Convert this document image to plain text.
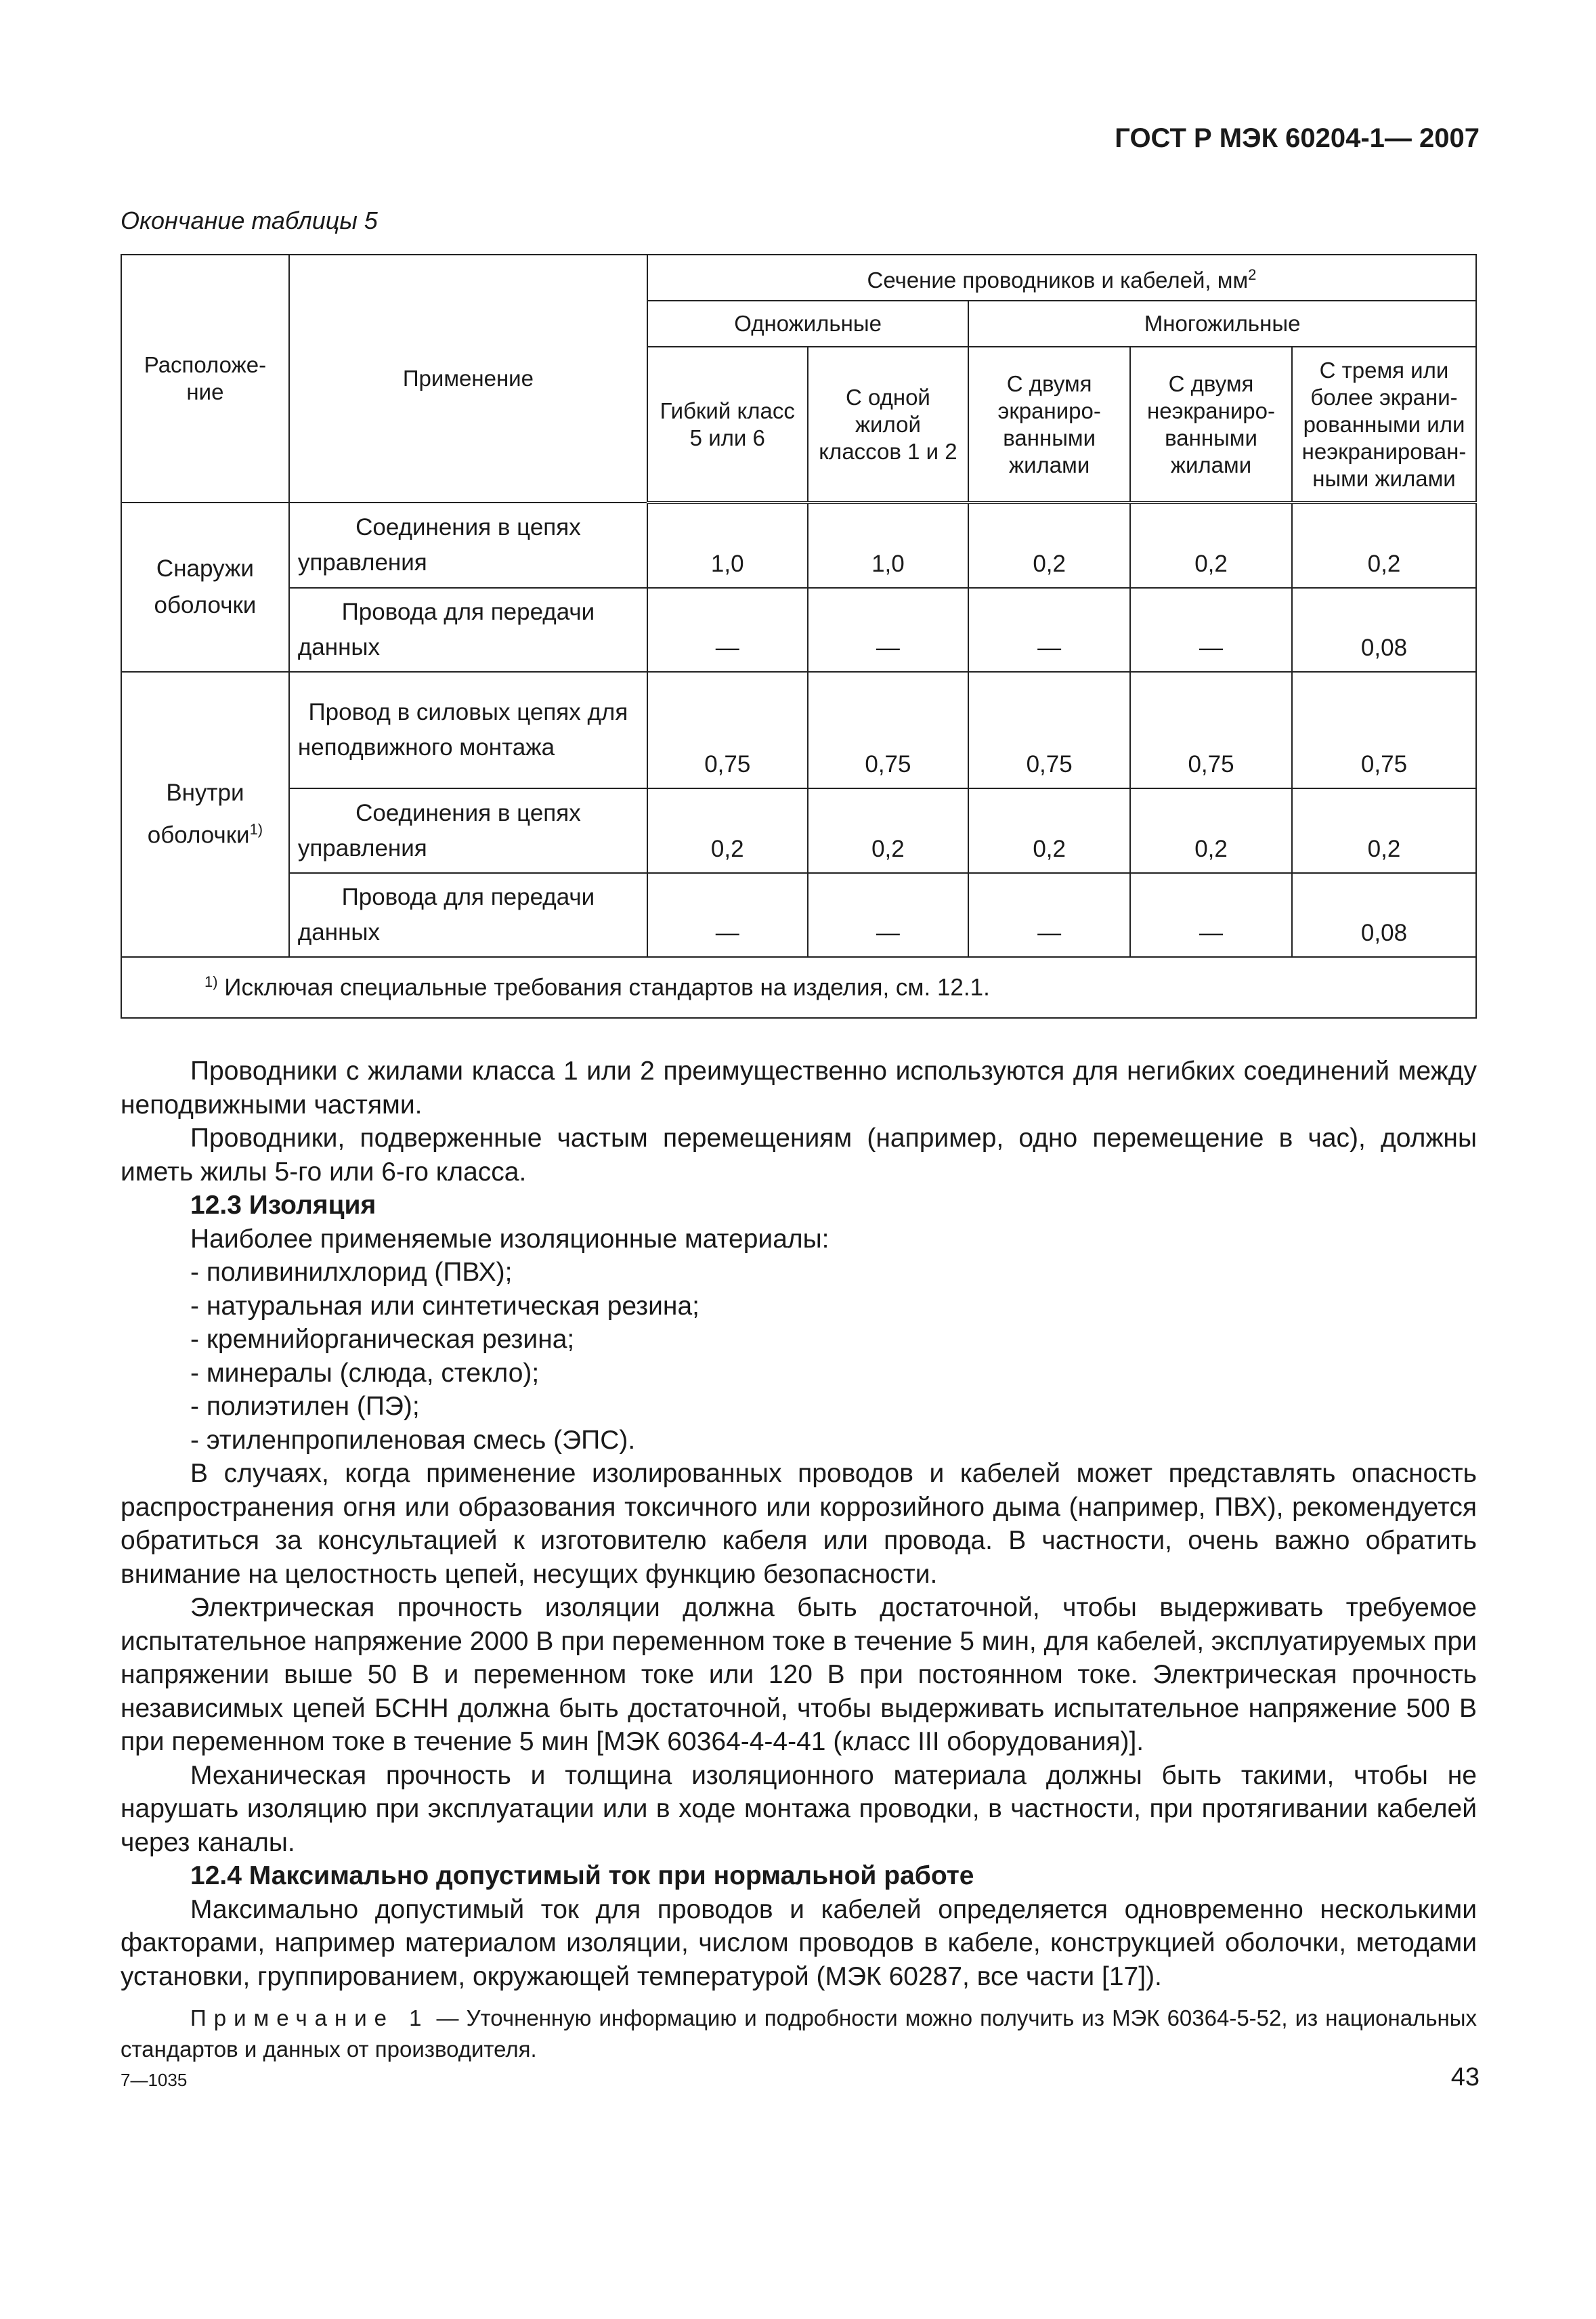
ГОСТ Р МЭК 60204-1— 2007
Окончание таблицы 5
Расположе-ние	Применение	Сечение проводников и кабелей, $мм^2$
		Одножильные		Многожильные		
		Гибкий класс 5 или 6	С одной жилой классов 1 и 2	С двумя экраниро-ванными жилами	С двумя неэкраниро-ванными жилами	С тремя или более экрани-рованными или неэкранирован-ными жилами
Снаружи оболочки	Соединения в цепях управления	1,0	1,0	0,2	0,2	0,2
	Провода для передачи данных	—	—	—	—	0,08
Внутри оболочки$^{1)}$	Провод в силовых цепях для неподвижного монтажа	0,75	0,75	0,75	0,75	0,75
	Соединения в цепях управления	0,2	0,2	0,2	0,2	0,2
	Провода для передачи данных	—	—	—	—	0,08
$^{1)}$ Исключая специальные требования стандартов на изделия, см. 12.1.						

Проводники с жилами класса 1 или 2 преимущественно используются для негибких соединений между неподвижными частями.

Проводники, подверженные частым перемещениям (например, одно перемещение в час), должны иметь жилы 5-го или 6-го класса.

12.3 Изоляция

Наиболее применяемые изоляционные материалы:

- поливинилхлорид (ПВХ);

- натуральная или синтетическая резина;

- кремнийорганическая резина;

- минералы (слюда, стекло);

- полиэтилен (ПЭ);

- этиленпропиленовая смесь (ЭПС).

В случаях, когда применение изолированных проводов и кабелей может представлять опасность распространения огня или образования токсичного или коррозийного дыма (например, ПВХ), рекомендуется обратиться за консультацией к изготовителю кабеля или провода. В частности, очень важно обратить внимание на целостность цепей, несущих функцию безопасности.

Электрическая прочность изоляции должна быть достаточной, чтобы выдерживать требуемое испытательное напряжение 2000 В при переменном токе в течение 5 мин, для кабелей, эксплуатируемых при напряжении выше 50 В и переменном токе или 120 В при постоянном токе. Электрическая прочность независимых цепей БСНН должна быть достаточной, чтобы выдерживать испытательное напряжение 500 В при переменном токе в течение 5 мин [МЭК 60364-4-4-41 (класс III оборудования)].

Механическая прочность и толщина изоляционного материала должны быть такими, чтобы не нарушать изоляцию при эксплуатации или в ходе монтажа проводки, в частности, при протягивании кабелей через каналы.

12.4 Максимально допустимый ток при нормальной работе

Максимально допустимый ток для проводов и кабелей определяется одновременно несколькими факторами, например материалом изоляции, числом проводов в кабеле, конструкцией оболочки, методами установки, группированием, окружающей температурой (МЭК 60287, все части [17]).

Примечание 1 — Уточненную информацию и подробности можно получить из МЭК 60364-5-52, из национальных стандартов и данных от производителя.

7—1035	43
